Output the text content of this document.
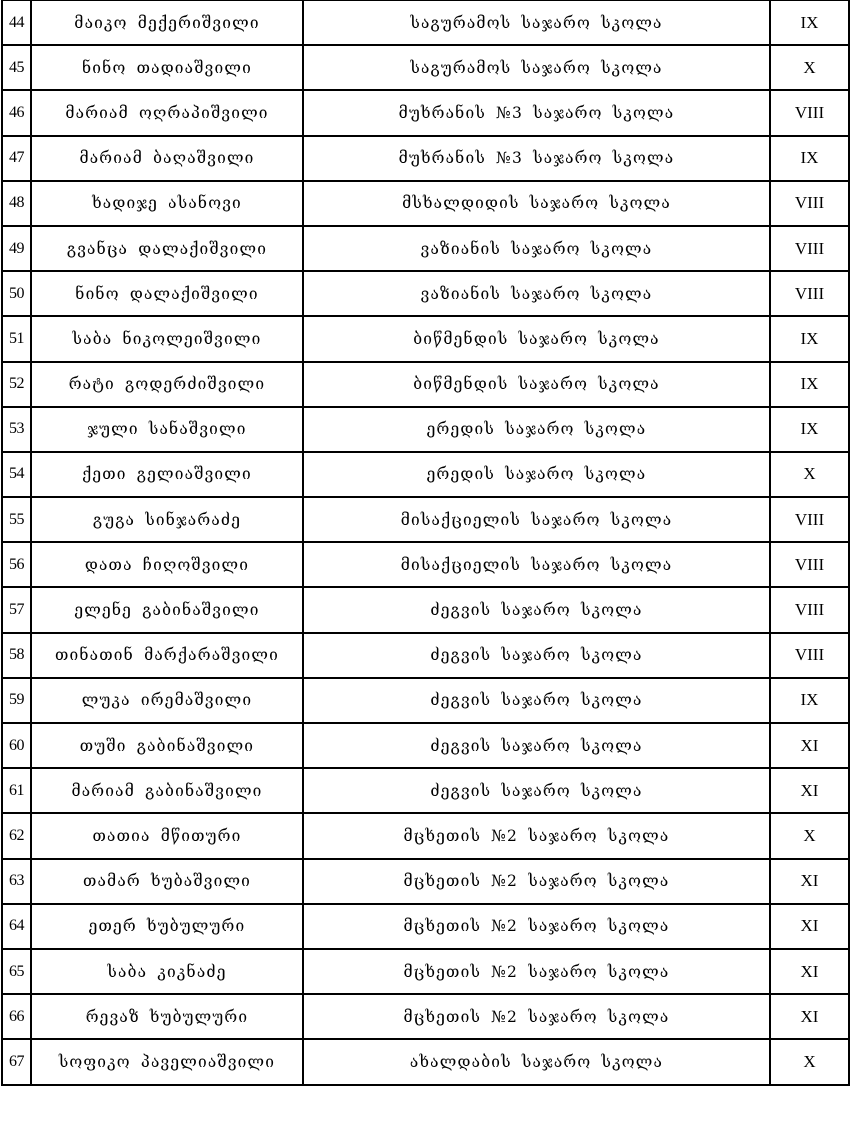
44	მაიკო მექერიშვილი	საგურამოს საჯარო სკოლა	IX
45	ნინო თადიაშვილი	საგურამოს საჯარო სკოლა	X
46	მარიამ ოღრაპიშვილი	მუხრანის №3 საჯარო სკოლა	VIII
47	მარიამ ბაღაშვილი	მუხრანის №3 საჯარო სკოლა	IX
48	ხადიჯე ასანოვი	მსხალდიდის საჯარო სკოლა	VIII
49	გვანცა დალაქიშვილი	ვაზიანის საჯარო სკოლა	VIII
50	ნინო დალაქიშვილი	ვაზიანის საჯარო სკოლა	VIII
51	საბა ნიკოლეიშვილი	ბიწმენდის საჯარო სკოლა	IX
52	რატი გოდერძიშვილი	ბიწმენდის საჯარო სკოლა	IX
53	ჯული სანაშვილი	ერედის საჯარო სკოლა	IX
54	ქეთი გელიაშვილი	ერედის საჯარო სკოლა	X
55	გუგა სინჯარაძე	მისაქციელის საჯარო სკოლა	VIII
56	დათა ჩიღოშვილი	მისაქციელის საჯარო სკოლა	VIII
57	ელენე გაბინაშვილი	ძეგვის საჯარო სკოლა	VIII
58	თინათინ მარქარაშვილი	ძეგვის საჯარო სკოლა	VIII
59	ლუკა ირემაშვილი	ძეგვის საჯარო სკოლა	IX
60	თუში გაბინაშვილი	ძეგვის საჯარო სკოლა	XI
61	მარიამ გაბინაშვილი	ძეგვის საჯარო სკოლა	XI
62	თათია მწითური	მცხეთის №2 საჯარო სკოლა	X
63	თამარ ხუბაშვილი	მცხეთის №2 საჯარო სკოლა	XI
64	ეთერ ხუბულური	მცხეთის №2 საჯარო სკოლა	XI
65	საბა კიკნაძე	მცხეთის №2 საჯარო სკოლა	XI
66	რევაზ ხუბულური	მცხეთის №2 საჯარო სკოლა	XI
67	სოფიკო პაველიაშვილი	ახალდაბის საჯარო სკოლა	X
